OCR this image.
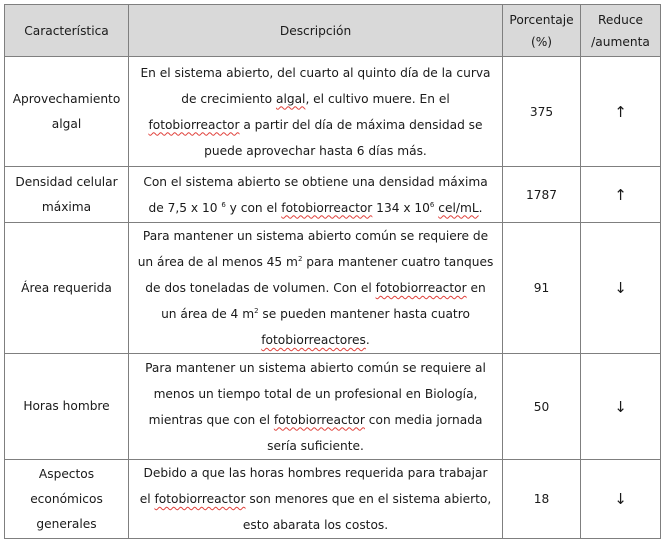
Característica	Descripción	Porcentaje (%)	Reduce /aumenta
Aprovechamiento algal	En el sistema abierto, del cuarto al quinto día de la curva de crecimiento algal, el cultivo muere. En el fotobiorreactor a partir del día de máxima densidad se puede aprovechar hasta 6 días más.	375	↑
Densidad celular máxima	Con el sistema abierto se obtiene una densidad máxima de 7,5 x 10 $^6$ y con el fotobiorreactor 134 x $10^6$ cel/mL.	1787	↑
Área requerida	Para mantener un sistema abierto común se requiere de un área de al menos 45 $m^2$ para mantener cuatro tanques de dos toneladas de volumen. Con el fotobiorreactor en un área de 4 $m^2$ se pueden mantener hasta cuatro fotobiorreactores.	91	↓
Horas hombre	Para mantener un sistema abierto común se requiere al menos un tiempo total de un profesional en Biología, mientras que con el fotobiorreactor con media jornada sería suficiente.	50	↓
Aspectos económicos generales	Debido a que las horas hombres requerida para trabajar el fotobiorreactor son menores que en el sistema abierto, esto abarata los costos.	18	↓
